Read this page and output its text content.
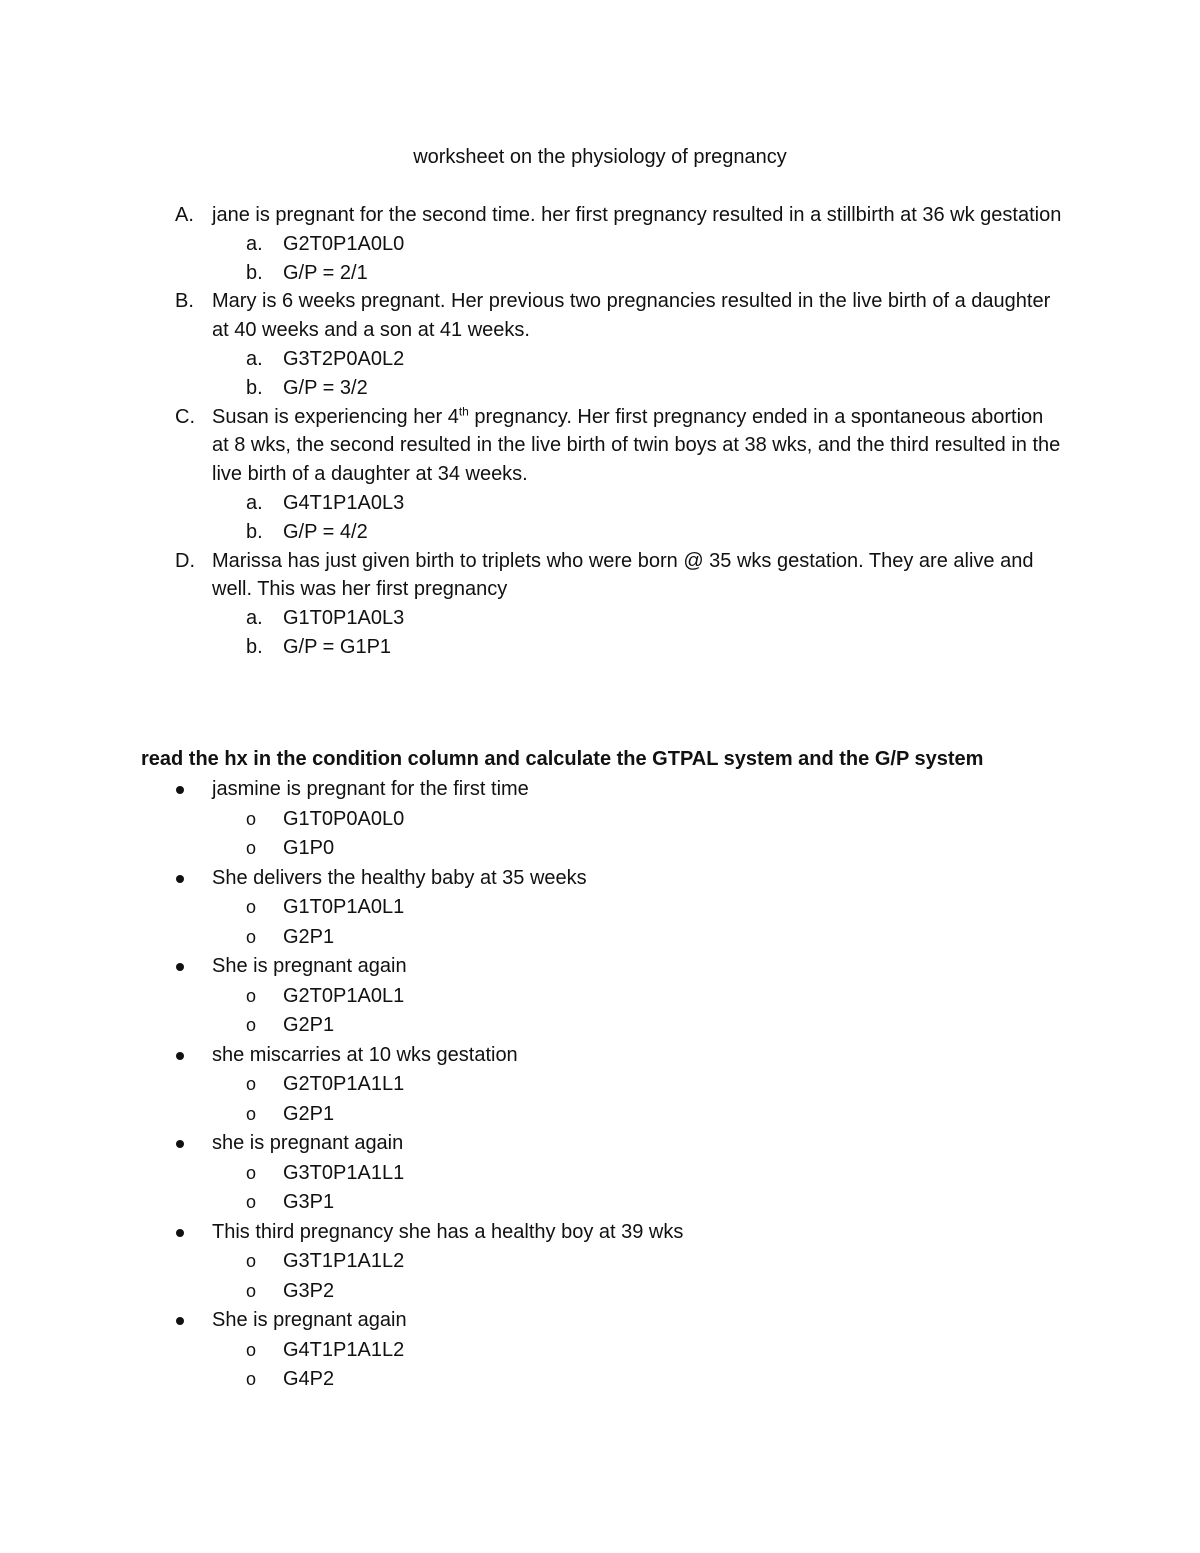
worksheet on the physiology of pregnancy
A. jane is pregnant for the second time. her first pregnancy resulted in a stillbirth at 36 wk gestation
a. G2T0P1A0L0
b. G/P = 2/1
B. Mary is 6 weeks pregnant. Her previous two pregnancies resulted in the live birth of a daughter at 40 weeks and a son at 41 weeks.
a. G3T2P0A0L2
b. G/P = 3/2
C. Susan is experiencing her 4th pregnancy. Her first pregnancy ended in a spontaneous abortion at 8 wks, the second resulted in the live birth of twin boys at 38 wks, and the third resulted in the live birth of a daughter at 34 weeks.
a. G4T1P1A0L3
b. G/P = 4/2
D. Marissa has just given birth to triplets who were born @ 35 wks gestation. They are alive and well. This was her first pregnancy
a. G1T0P1A0L3
b. G/P = G1P1
read the hx in the condition column and calculate the GTPAL system and the G/P system
jasmine is pregnant for the first time
o G1T0P0A0L0
o G1P0
She delivers the healthy baby at 35 weeks
o G1T0P1A0L1
o G2P1
She is pregnant again
o G2T0P1A0L1
o G2P1
she miscarries at 10 wks gestation
o G2T0P1A1L1
o G2P1
she is pregnant again
o G3T0P1A1L1
o G3P1
This third pregnancy she has a healthy boy at 39 wks
o G3T1P1A1L2
o G3P2
She is pregnant again
o G4T1P1A1L2
o G4P2
